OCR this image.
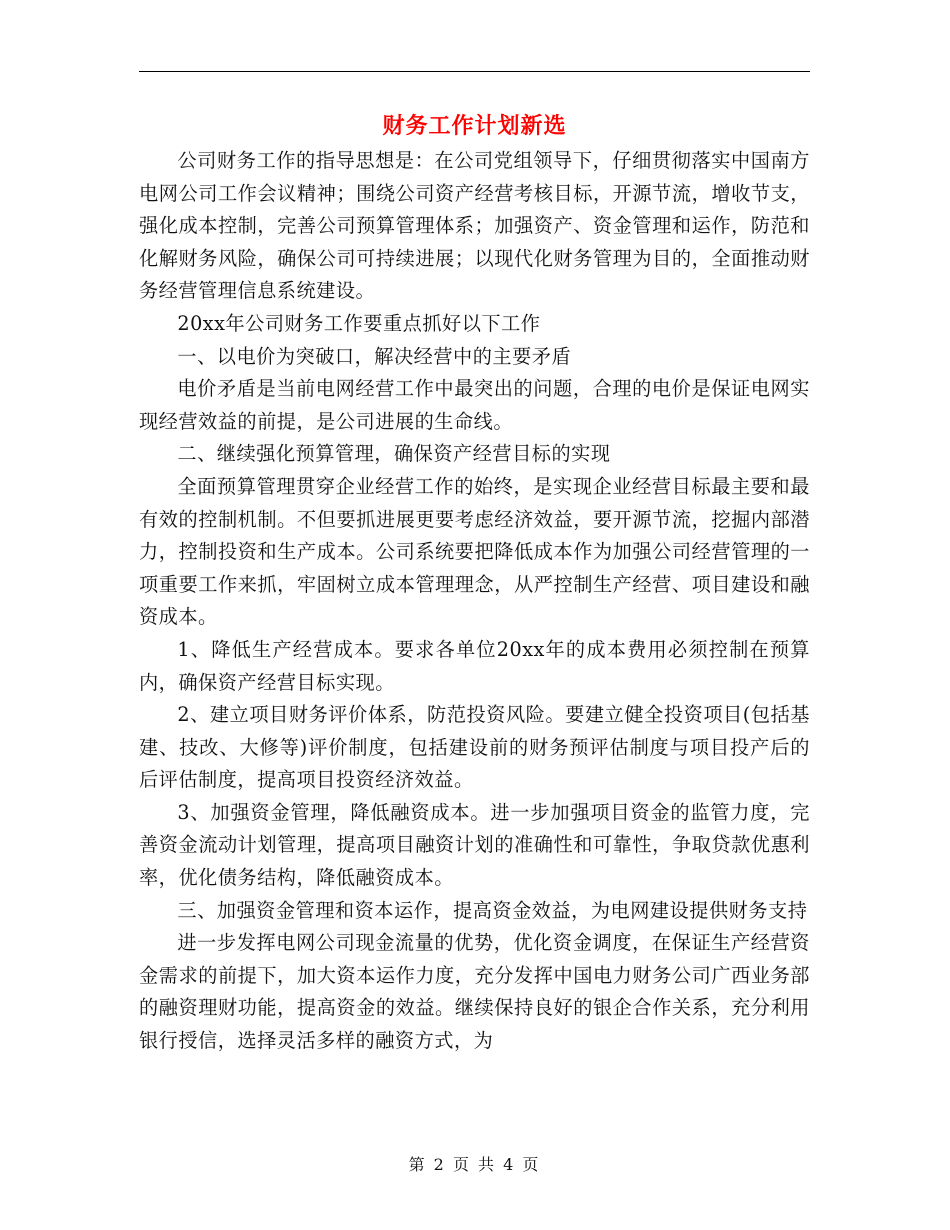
财务工作计划新选

公司财务工作的指导思想是：在公司党组领导下，仔细贯彻落实中国南方电网公司工作会议精神；围绕公司资产经营考核目标，开源节流，增收节支，强化成本控制，完善公司预算管理体系；加强资产、资金管理和运作，防范和化解财务风险，确保公司可持续进展；以现代化财务管理为目的，全面推动财务经营管理信息系统建设。

20xx年公司财务工作要重点抓好以下工作

一、以电价为突破口，解决经营中的主要矛盾

电价矛盾是当前电网经营工作中最突出的问题，合理的电价是保证电网实现经营效益的前提，是公司进展的生命线。

二、继续强化预算管理，确保资产经营目标的实现

全面预算管理贯穿企业经营工作的始终，是实现企业经营目标最主要和最有效的控制机制。不但要抓进展更要考虑经济效益，要开源节流，挖掘内部潜力，控制投资和生产成本。公司系统要把降低成本作为加强公司经营管理的一项重要工作来抓，牢固树立成本管理理念，从严控制生产经营、项目建设和融资成本。

1、降低生产经营成本。要求各单位20xx年的成本费用必须控制在预算内，确保资产经营目标实现。

2、建立项目财务评价体系，防范投资风险。要建立健全投资项目(包括基建、技改、大修等)评价制度，包括建设前的财务预评估制度与项目投产后的后评估制度，提高项目投资经济效益。

3、加强资金管理，降低融资成本。进一步加强项目资金的监管力度，完善资金流动计划管理，提高项目融资计划的准确性和可靠性，争取贷款优惠利率，优化债务结构，降低融资成本。

三、加强资金管理和资本运作，提高资金效益，为电网建设提供财务支持

进一步发挥电网公司现金流量的优势，优化资金调度，在保证生产经营资金需求的前提下，加大资本运作力度，充分发挥中国电力财务公司广西业务部的融资理财功能，提高资金的效益。继续保持良好的银企合作关系，充分利用银行授信，选择灵活多样的融资方式，为

第 2 页 共 4 页
